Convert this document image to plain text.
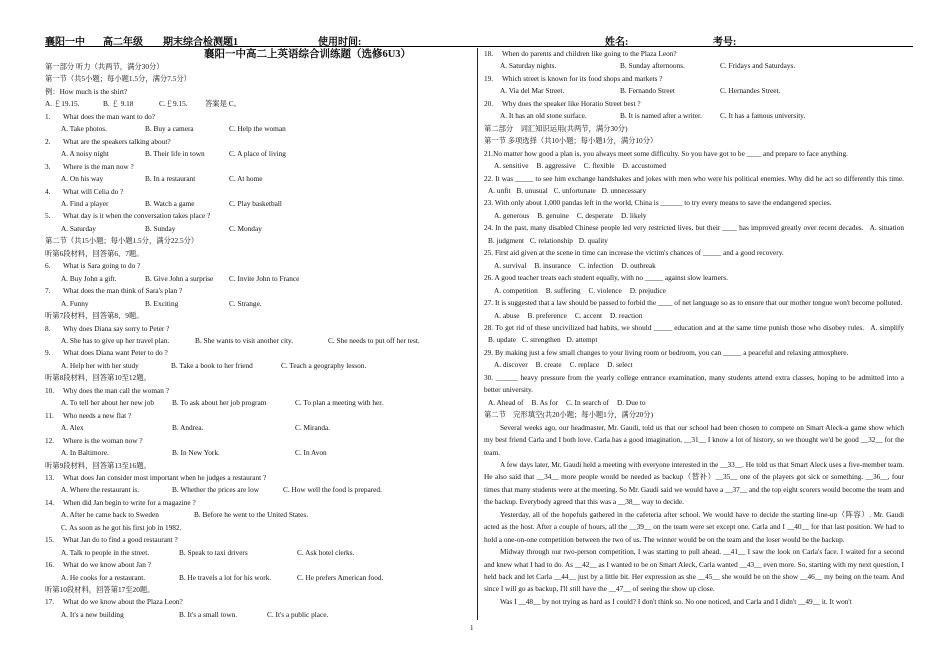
襄阳一中 高二年级 期末综合检测题1	使用时间:	姓名:	考号:
襄阳一中高二上英语综合训练题（选修6U3）
第一部分 听力（共两节，满分30分）
第一节（共5小题；每小题1.5分，满分7.5分）
例：How much is the shirt?
A. ￡19.15.	B. ￡ 9.18	C.￡9.15. 答案是 C。
1.	What does the man want to do?
A. Take photos.	B. Buy a camera	C. Help the woman
2.	What are the speakers talking about?
A. A noisy night	B. Their life in town	C. A place of living
3.	Where is the man now ?
A. On his way	B. In a restaurant	C. At home
4.	What will Celia do ?
A. Find a player	B. Watch a game	C. Play basketball
5.	What day is it when the conversation takes place ?
A. Saturday	B. Sunday	C. Monday
第二节（共15小题；每小题1.5分，满分22.5分）
听第6段材料，回答第6、7题。
6.	What is Sara going to do ?
A. Buy John a gift.	B. Give John a surprise	C. Invite John to France
7.	What does the man think of Sara's plan ?
A. Funny	B. Exciting	C. Strange.
听第7段材料，回答第8、9题。
8.	Why does Diana say sorry to Peter ?
A. She has to give up her travel plan.	B. She wants to visit another city.	C. She needs to put off her test.
9.	What does Diana want Peter to do ?
A. Help her with her study	B. Take a book to her friend	C. Teach a geography lesson.
听第8段材料，回答第10至12题。
10.	Why does the man call the woman ?
A. To tell her about her new job	B. To ask about her job program	C. To plan a meeting with her.
11.	Who needs a new flat ?
A. Alex	B. Andrea.	C. Miranda.
12.	Where is the woman now ?
A. In Baltimore.	B. In New York.	C. In Avon
听第9段材料，回答第13至16题。
13.	What does Jan consider most important when he judges a restaurant ?
A. Where the restaurant is.	B. Whether the prices are low	C. How well the food is prepared.
14.	When did Jan begin to write for a magazine ?
A. After he came back to Sweden	B. Before he went to the United States.
C. As soon as he got his first job in 1982.
15.	What Jan do to find a good restaurant ?
A. Talk to people in the street.	B. Speak to taxi drivers	C. Ask hotel clerks.
16.	What do we know about Jan ?
A. He cooks for a restaurant.	B. He travels a lot for his work.	C. He prefers American food.
听第10段材料，回答第17至20题。
17.	What do we know about the Plaza Leon?
A. It's a new building	B. It's a small town.	C. It's a public place.
18.	When do parents and children like going to the Plaza Leon?
A. Saturday nights.	B. Sunday afternoons.	C. Fridays and Saturdays.
19.	Which street is known for its food shops and markets ?
A. Via del Mar Street.	B. Fernando Street	C. Hernandes Street.
20.	Why does the speaker like Horatio Street best ?
A. It has an old stone surface.	B. It is named after a writer.	C. It has a famous university.
第二部分　词汇知识运用(共两节，满分30分)
第一节 多项选择（共10小题；每小题1分，满分10分）
21.No matter how good a plan is, you always meet some difficulty. So you have got to be ____ and prepare to face anything.
A. sensitive B. aggressive C. flexible D. accustomed
22. It was _____ to see him exchange handshakes and jokes with men who were his political enemies. Why did he act so differently this time. A. unfit B. unusual C. unfortunate D. unnecessary
23. With only about 1,000 pandas left in the world, China is ______ to try every means to save the endangered species.
A. generous B. genuine C. desperate D. likely
24. In the past, many disabled Chinese people led very restricted lives, but their ____ has improved greatly over recent decades. A. situation B. judgment C. relationship D. quality
25. First aid given at the scene in time can increase the victim's chances of _____ and a good recovery.
A. survival B. insurance C. infection D. outbreak
26. A good teacher treats each student equally, with no _____ against slow learners.
A. competition B. suffering C. violence D. prejudice
27. It is suggested that a law should be passed to forbid the ____ of net language so as to ensure that our mother tongue won't become polluted.
A. abuse B. preference C. accent D. reaction
28. To get rid of these uncivilized bad habits, we should _____ education and at the same time punish those who disobey rules. A. simplify B. update C. strengthen D. attempt
29. By making just a few small changes to your living room or bedroom, you can _____ a peaceful and relaxing atmosphere.
A. discover B. create C. replace D. select
30. ______ heavy pressure from the yearly college entrance examination, many students attend extra classes, hoping to be admitted into a better university.
A. Ahead of B. As for C. In search of D. Due to
第二节　完形填空(共20小题；每小题1分，满分20分)
Several weeks ago, our headmaster, Mr. Gaudi, told us that our school had been chosen to compete on Smart Aleck-a game show which my best friend Carla and I both love. Carla has a good imagination, __31__ I know a lot of history, so we thought we'd be good __32__ for the team.
A few days later, Mr. Gaudi held a meeting with everyone interested in the __33__. He told us that Smart Aleck uses a five-member team. He also said that __34__ more people would be needed as backup（替补）__35__ one of the players got sick or something. __36__, four times that many students were at the meeting. So Mr. Gaudi said we would have a __37__ and the top eight scorers would become the team and the backup. Everybody agreed that this was a __38__ way to decide.
Yesterday, all of the hopefuls gathered in the cafeteria after school. We would have to decide the starting line-up（阵容）. Mr. Gaudi acted as the host. After a couple of hours, all the __39__ on the team were set except one. Carla and I __40__ for that last position. We had to hold a one-on-one competition between the two of us. The winner would be on the team and the loser would be the backup.
Midway through our two-person competition, I was starting to pull ahead. __41__ I saw the look on Carla's face. I waited for a second and knew what I had to do. As __42__ as I wanted to be on Smart Aleck, Carla wanted __43__ even more. So, starting with my next question, I held back and let Carla __44__ just by a little bit. Her expression as she __45__ she would be on the show __46__ my being on the team. And since I will go as backup, I'll still have the __47__ of seeing the show up close.
Was I __48__ by not trying as hard as I could? I don't think so. No one noticed, and Carla and I didn't __49__ it. It won't
1
